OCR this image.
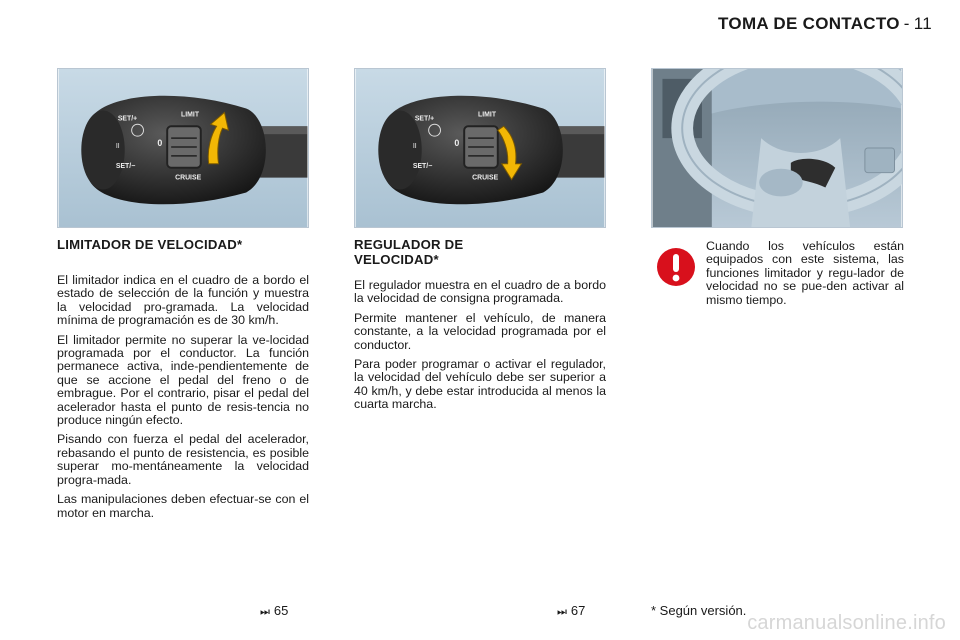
TOMA DE CONTACTO - 11
SET/+
II
SET/−
LIMIT
0
CRUISE
SET/+
II
SET/−
LIMIT
0
CRUISE
LIMITADOR DE VELOCIDAD*

El limitador indica en el cuadro de a bordo el estado de selección de la función y muestra la velocidad pro-gramada. La velocidad mínima de programación es de 30 km/h.

El limitador permite no superar la ve-locidad programada por el conductor. La función permanece activa, inde-pendientemente de que se accione el pedal del freno o de embrague. Por el contrario, pisar el pedal del acelerador hasta el punto de resis-tencia no produce ningún efecto.

Pisando con fuerza el pedal del acelerador, rebasando el punto de resistencia, es posible superar mo-mentáneamente la velocidad progra-mada.

Las manipulaciones deben efectuar-se con el motor en marcha.

REGULADOR DE VELOCIDAD*

El regulador muestra en el cuadro de a bordo la velocidad de consigna programada.

Permite mantener el vehículo, de manera constante, a la velocidad programada por el conductor.

Para poder programar o activar el regulador, la velocidad del vehículo debe ser superior a 40 km/h, y debe estar introducida al menos la cuarta marcha.

Cuando los vehículos están equipados con este sistema, las funciones limitador y regu-lador de velocidad no se pue-den activar al mismo tiempo.

⏭ 65	⏭ 67	* Según versión.
carmanualsonline.info
